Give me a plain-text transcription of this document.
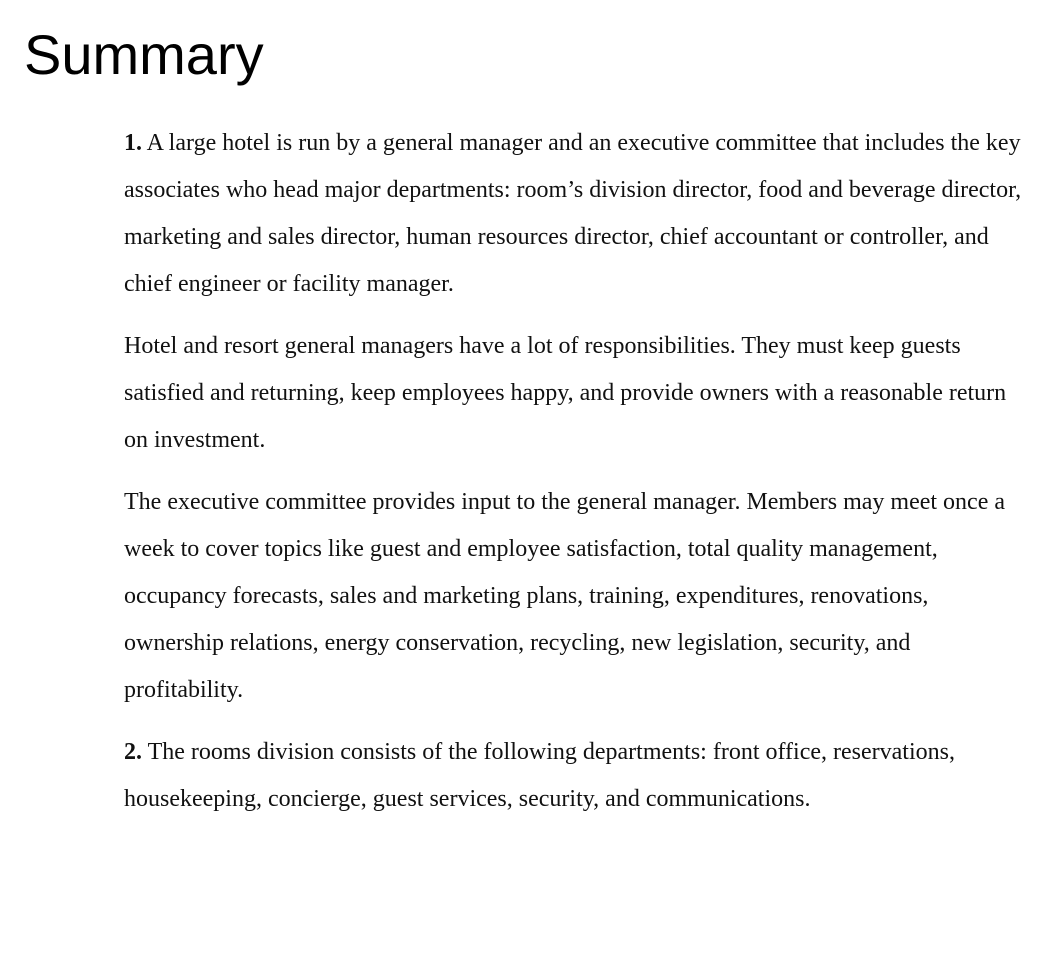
Summary

1. A large hotel is run by a general manager and an executive committee that includes the key associates who head major departments: room’s division director, food and beverage director, marketing and sales director, human resources director, chief accountant or controller, and chief engineer or facility manager.

Hotel and resort general managers have a lot of responsibilities. They must keep guests satisfied and returning, keep employees happy, and provide owners with a reasonable return on investment.

The executive committee provides input to the general manager. Members may meet once a week to cover topics like guest and employee satisfaction, total quality management, occupancy forecasts, sales and marketing plans, training, expenditures, renovations, ownership relations, energy conservation, recycling, new legislation, security, and profitability.

2. The rooms division consists of the following departments: front office, reservations, housekeeping, concierge, guest services, security, and communications.
